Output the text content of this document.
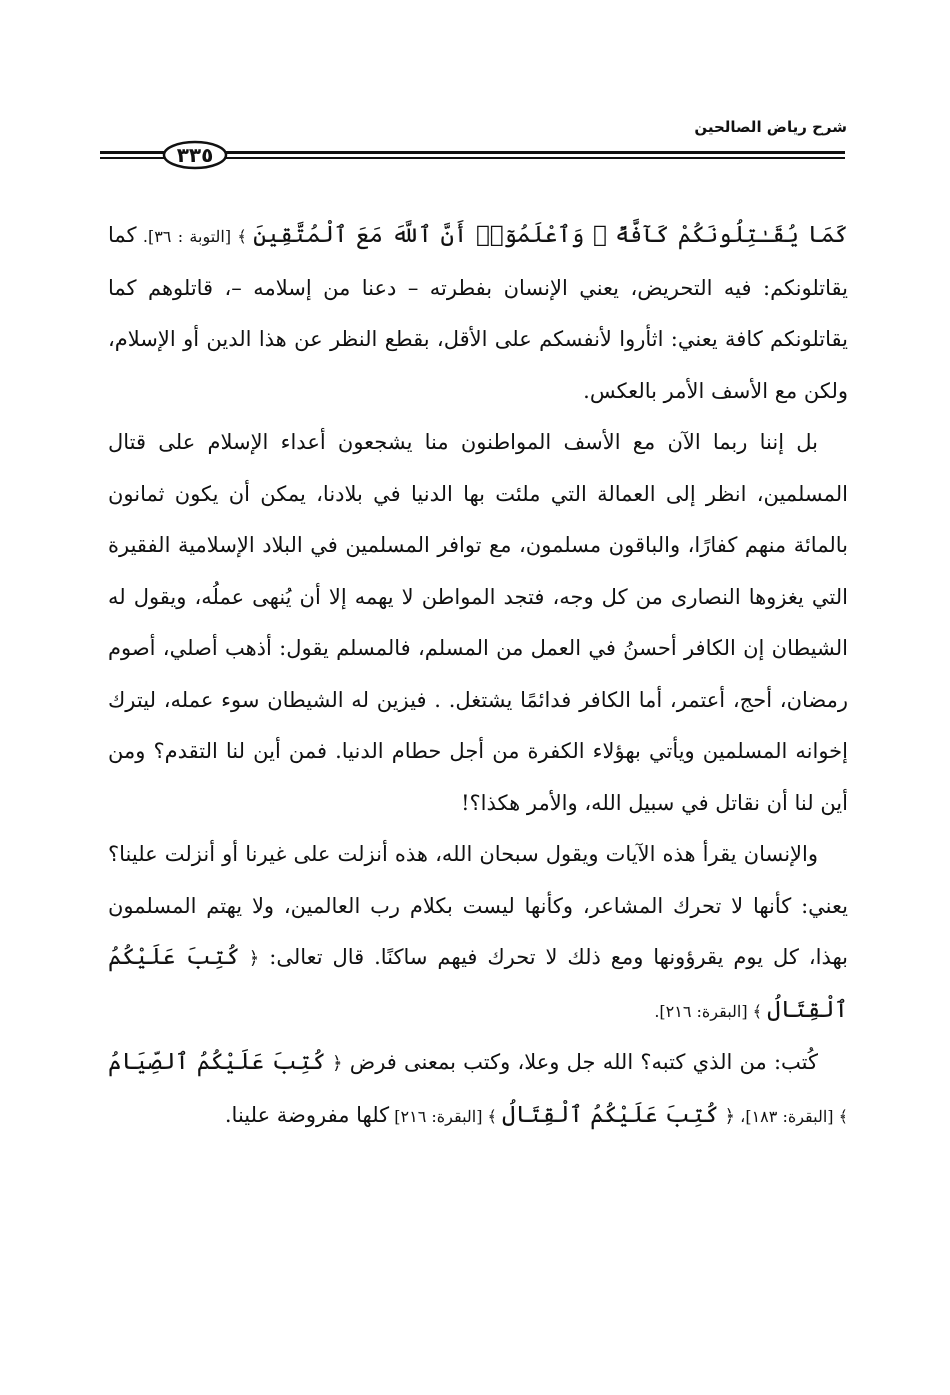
شرح رياض الصالحين
٣٣٥

كَمَا يُقَـٰتِلُونَكُمْ كَآفَّةً ۚ وَٱعْلَمُوٓا۟ أَنَّ ٱللَّهَ مَعَ ٱلْمُتَّقِينَ ﴾ [التوبة : ٣٦]. كما يقاتلونكم: فيه التحريض، يعني الإنسان بفطرته – دعنا من إسلامه –، قاتلوهم كما يقاتلونكم كافة يعني: اثأروا لأنفسكم على الأقل، بقطع النظر عن هذا الدين أو الإسلام، ولكن مع الأسف الأمر بالعكس.

بل إننا ربما الآن مع الأسف المواطنون منا يشجعون أعداء الإسلام على قتال المسلمين، انظر إلى العمالة التي ملئت بها الدنيا في بلادنا، يمكن أن يكون ثمانون بالمائة منهم كفارًا، والباقون مسلمون، مع توافر المسلمين في البلاد الإسلامية الفقيرة التي يغزوها النصارى من كل وجه، فتجد المواطن لا يهمه إلا أن يُنهى عملُه، ويقول له الشيطان إن الكافر أحسنُ في العمل من المسلم، فالمسلم يقول: أذهب أصلي، أصوم رمضان، أحج، أعتمر، أما الكافر فدائمًا يشتغل. . فيزين له الشيطان سوء عمله، ليترك إخوانه المسلمين ويأتي بهؤلاء الكفرة من أجل حطام الدنيا. فمن أين لنا التقدم؟ ومن أين لنا أن نقاتل في سبيل الله، والأمر هكذا؟!

والإنسان يقرأ هذه الآيات ويقول سبحان الله، هذه أنزلت على غيرنا أو أنزلت علينا؟ يعني: كأنها لا تحرك المشاعر، وكأنها ليست بكلام رب العالمين، ولا يهتم المسلمون بهذا، كل يوم يقرؤونها ومع ذلك لا تحرك فيهم ساكنًا. قال تعالى: ﴿ كُتِبَ عَلَيْكُمُ ٱلْقِتَالُ ﴾ [البقرة: ٢١٦].

كُتب: من الذي كتبه؟ الله جل وعلا، وكتب بمعنى فرض ﴿ كُتِبَ عَلَيْكُمُ ٱلصِّيَامُ ﴾ [البقرة: ١٨٣]، ﴿ كُتِبَ عَلَيْكُمُ ٱلْقِتَالُ ﴾ [البقرة: ٢١٦] كلها مفروضة علينا.
